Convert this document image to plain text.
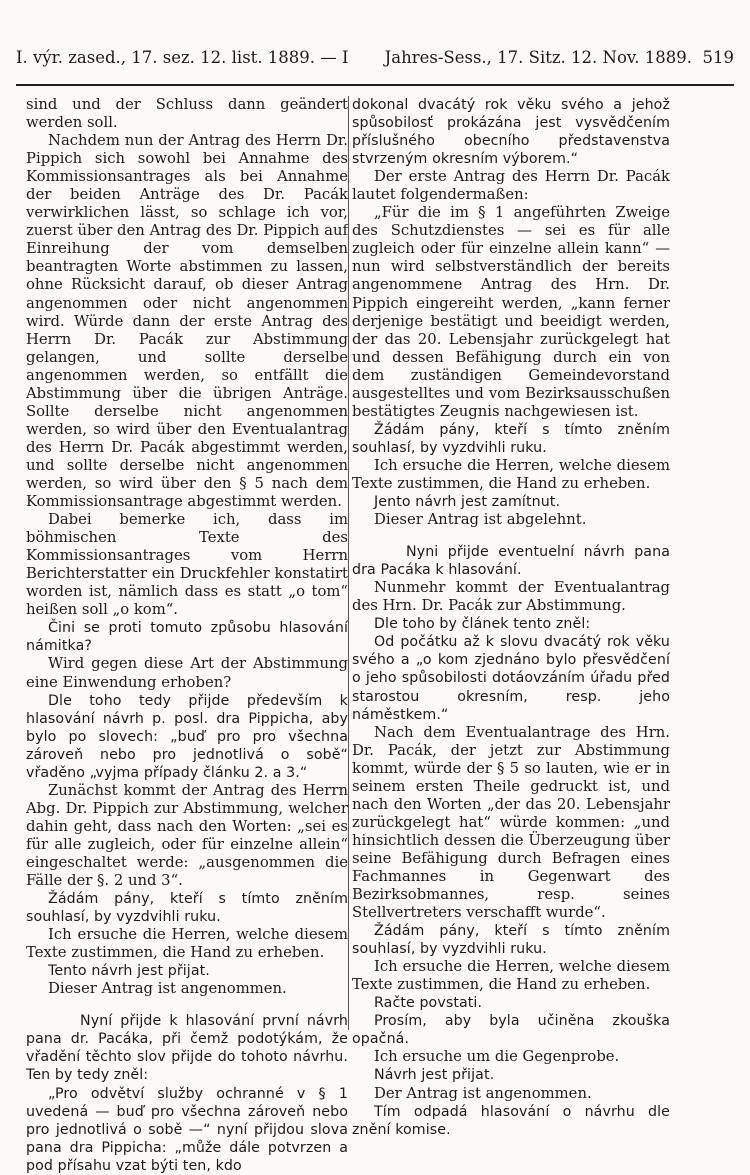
I. výr. zased., 17. sez. 12. list. 1889. — I Jahres-Sess., 17. Sitz. 12. Nov. 1889. 519

sind und der Schluss dann geändert werden soll.

Nachdem nun der Antrag des Herrn Dr. Pippich sich sowohl bei Annahme des Kommissionsantrages als bei Annahme der beiden Anträge des Dr. Pacák verwirklichen lässt, so schlage ich vor, zuerst über den Antrag des Dr. Pippich auf Einreihung der vom demselben beantragten Worte abstimmen zu lassen, ohne Rücksicht darauf, ob dieser Antrag angenommen oder nicht angenommen wird. Würde dann der erste Antrag des Herrn Dr. Pacák zur Abstimmung gelangen, und sollte derselbe angenommen werden, so entfällt die Abstimmung über die übrigen Anträge. Sollte derselbe nicht angenommen werden, so wird über den Eventualantrag des Herrn Dr. Pacák abgestimmt werden, und sollte derselbe nicht angenommen werden, so wird über den § 5 nach dem Kommissionsantrage abgestimmt werden.

Dabei bemerke ich, dass im böhmischen Texte des Kommissionsantrages vom Herrn Berichterstatter ein Druckfehler konstatirt worden ist, nämlich dass es statt „o tom“ heißen soll „o kom“.

Čini se proti tomuto způsobu hlasování námitka?

Wird gegen diese Art der Abstimmung eine Einwendung erhoben?

Dle toho tedy přijde především k hlasování návrh p. posl. dra Pippicha, aby bylo po slovech: „buď pro pro všechna zároveň nebo pro jednotlivá o sobě“ vřaděno „vyjma případy článku 2. a 3.“

Zunächst kommt der Antrag des Herrn Abg. Dr. Pippich zur Abstimmung, welcher dahin geht, dass nach den Worten: „sei es für alle zugleich, oder für einzelne allein“ eingeschaltet werde: „ausgenommen die Fälle der §. 2 und 3“.

Žádám pány, kteří s tímto zněním souhlasí, by vyzdvihli ruku.

Ich ersuche die Herren, welche diesem Texte zustimmen, die Hand zu erheben.

Tento návrh jest přijat.

Dieser Antrag ist angenommen.

Nyní přijde k hlasování první návrh pana dr. Pacáka, při čemž podotýkám, že vřadění těchto slov přijde do tohoto návrhu. Ten by tedy zněl:

„Pro odvětví služby ochranné v § 1 uvedená — buď pro všechna zároveň nebo pro jednotlivá o sobě —“ nyní přijdou slova pana dra Pippicha: „může dále potvrzen a pod přísahu vzat býti ten, kdo

dokonal dvacátý rok věku svého a jehož spůsobilosť prokázána jest vysvědčením příslušného obecního představenstva stvrzeným okresním výborem.“

Der erste Antrag des Herrn Dr. Pacák lautet folgendermaßen:

„Für die im § 1 angeführten Zweige des Schutzdienstes — sei es für alle zugleich oder für einzelne allein kann“ — nun wird selbstverständlich der bereits angenommene Antrag des Hrn. Dr. Pippich eingereiht werden, „kann ferner derjenige bestätigt und beeidigt werden, der das 20. Lebensjahr zurückgelegt hat und dessen Befähigung durch ein von dem zuständigen Gemeindevorstand ausgestelltes und vom Bezirksausschußen bestätigtes Zeugnis nachgewiesen ist.

Žádám pány, kteří s tímto zněním souhlasí, by vyzdvihli ruku.

Ich ersuche die Herren, welche diesem Texte zustimmen, die Hand zu erheben.

Jento návrh jest zamítnut.

Dieser Antrag ist abgelehnt.

Nyni přijde eventuelní návrh pana dra Pacáka k hlasování.

Nunmehr kommt der Eventualantrag des Hrn. Dr. Pacák zur Abstimmung.

Dle toho by článek tento zněl:

Od počátku až k slovu dvacátý rok věku svého a „o kom zjednáno bylo přesvědčení o jeho spůsobilosti dotáovzáním úřadu před starostou okresním, resp. jeho náměstkem.“

Nach dem Eventualantrage des Hrn. Dr. Pacák, der jetzt zur Abstimmung kommt, würde der § 5 so lauten, wie er in seinem ersten Theile gedruckt ist, und nach den Worten „der das 20. Lebensjahr zurückgelegt hat“ würde kommen: „und hinsichtlich dessen die Überzeugung über seine Befähigung durch Befragen eines Fachmannes in Gegenwart des Bezirksobmannes, resp. seines Stellvertreters verschafft wurde“.

Žádám pány, kteří s tímto zněním souhlasí, by vyzdvihli ruku.

Ich ersuche die Herren, welche diesem Texte zustimmen, die Hand zu erheben.

Račte povstati.

Prosím, aby byla učiněna zkouška opačná.

Ich ersuche um die Gegenprobe.

Návrh jest přijat.

Der Antrag ist angenommen.

Tím odpadá hlasování o návrhu dle znění komise.
